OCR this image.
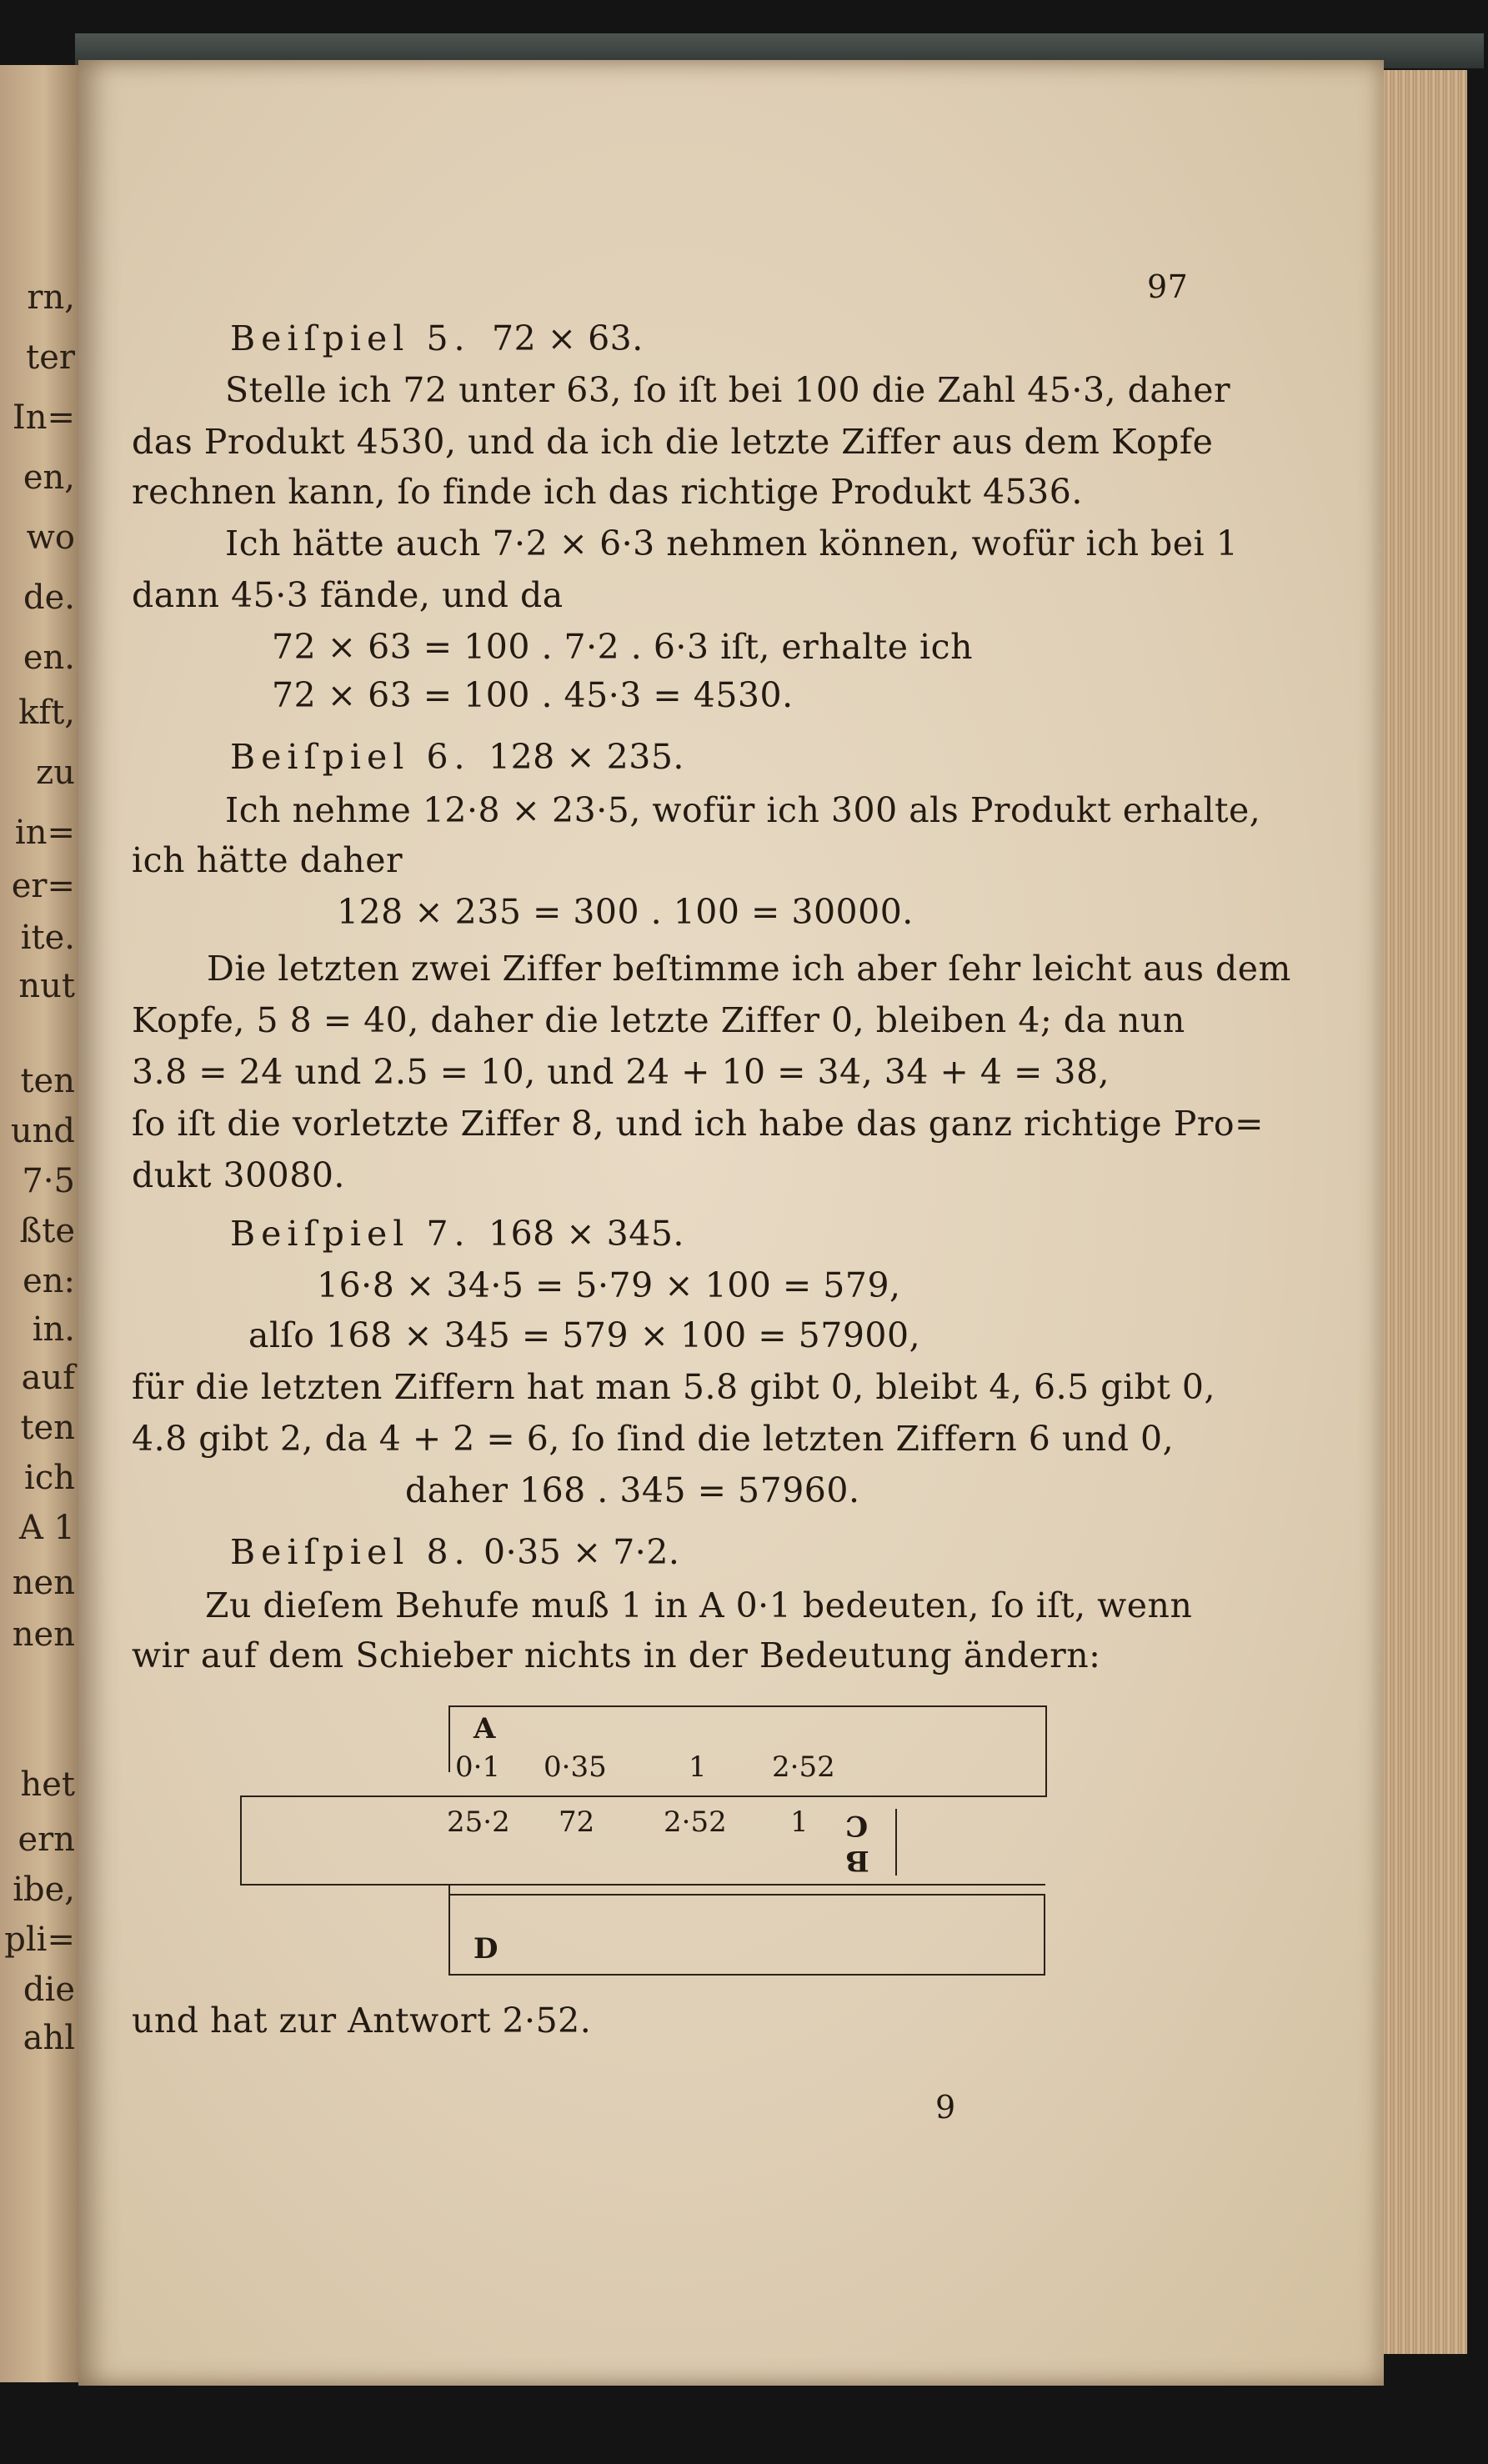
rn,
ter
In=
en,
wo
de.
en.
kft,
zu
in=
er=
ite.
nut
ten
und
7·5
ßte
en:
in.
auf
ten
ich
A 1
nen
nen
het
ern
ibe,
pli=
die
ahl
97
Beiſpiel 5. 72 × 63.
Stelle ich 72 unter 63, ſo iſt bei 100 die Zahl 45·3, daher
das Produkt 4530, und da ich die letzte Ziffer aus dem Kopfe
rechnen kann, ſo finde ich das richtige Produkt 4536.
Ich hätte auch 7·2 × 6·3 nehmen können, wofür ich bei 1
dann 45·3 fände, und da
72 × 63 = 100 . 7·2 . 6·3 iſt, erhalte ich
72 × 63 = 100 . 45·3 = 4530.
Beiſpiel 6. 128 × 235.
Ich nehme 12·8 × 23·5, wofür ich 300 als Produkt erhalte,
ich hätte daher
128 × 235 = 300 . 100 = 30000.
Die letzten zwei Ziffer beſtimme ich aber ſehr leicht aus dem
Kopfe, 5 8 = 40, daher die letzte Ziffer 0, bleiben 4; da nun
3.8 = 24 und 2.5 = 10, und 24 + 10 = 34, 34 + 4 = 38,
ſo iſt die vorletzte Ziffer 8, und ich habe das ganz richtige Pro=
dukt 30080.
Beiſpiel 7. 168 × 345.
16·8 × 34·5 = 5·79 × 100 = 579,
alſo 168 × 345 = 579 × 100 = 57900,
für die letzten Ziffern hat man 5.8 gibt 0, bleibt 4, 6.5 gibt 0,
4.8 gibt 2, da 4 + 2 = 6, ſo ſind die letzten Ziffern 6 und 0,
daher 168 . 345 = 57960.
Beiſpiel 8. 0·35 × 7·2.
Zu dieſem Behufe muß 1 in A 0·1 bedeuten, ſo iſt, wenn
wir auf dem Schieber nichts in der Bedeutung ändern:
A
0·1 0·35	1 2·52
25·2 72 2·52 1 C
B
D
und hat zur Antwort 2·52.
9
